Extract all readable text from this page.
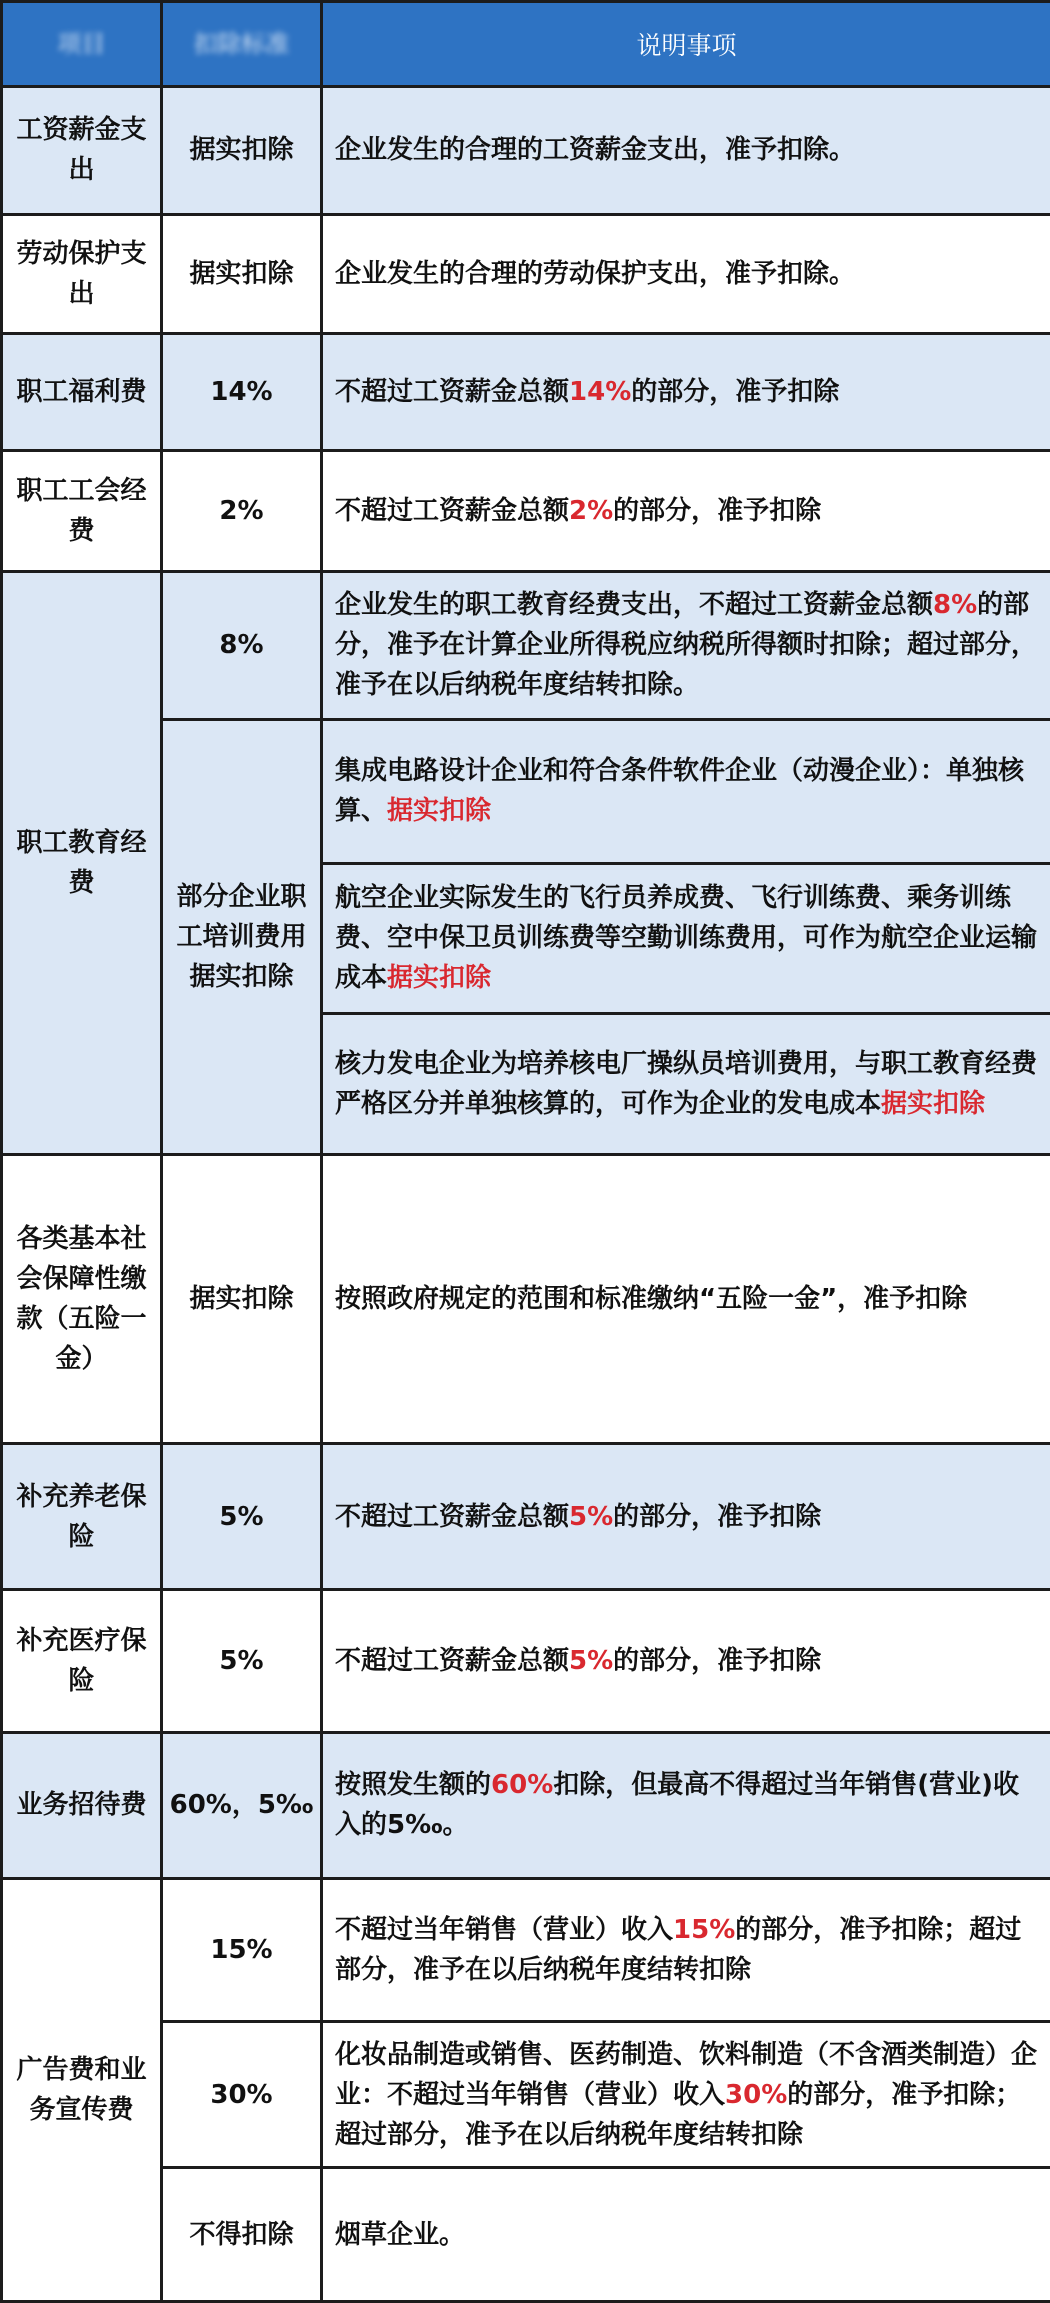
项目	扣除标准	说明事项
工资薪金支出	据实扣除	企业发生的合理的工资薪金支出，准予扣除。
劳动保护支出	据实扣除	企业发生的合理的劳动保护支出，准予扣除。
职工福利费	14%	不超过工资薪金总额14%的部分，准予扣除
职工工会经费	2%	不超过工资薪金总额2%的部分，准予扣除
职工教育经费	8%	企业发生的职工教育经费支出，不超过工资薪金总额8%的部分，准予在计算企业所得税应纳税所得额时扣除；超过部分，准予在以后纳税年度结转扣除。
	部分企业职工培训费用据实扣除	集成电路设计企业和符合条件软件企业（动漫企业）：单独核算、据实扣除
		航空企业实际发生的飞行员养成费、飞行训练费、乘务训练费、空中保卫员训练费等空勤训练费用，可作为航空企业运输成本据实扣除
		核力发电企业为培养核电厂操纵员培训费用，与职工教育经费严格区分并单独核算的，可作为企业的发电成本据实扣除
各类基本社会保障性缴款（五险一金）	据实扣除	按照政府规定的范围和标准缴纳“五险一金”，准予扣除
补充养老保险	5%	不超过工资薪金总额5%的部分，准予扣除
补充医疗保险	5%	不超过工资薪金总额5%的部分，准予扣除
业务招待费	60%，5‰	按照发生额的60%扣除，但最高不得超过当年销售(营业)收入的5‰。
广告费和业务宣传费	15%	不超过当年销售（营业）收入15%的部分，准予扣除；超过部分，准予在以后纳税年度结转扣除
	30%	化妆品制造或销售、医药制造、饮料制造（不含酒类制造）企业：不超过当年销售（营业）收入30%的部分，准予扣除；超过部分，准予在以后纳税年度结转扣除
	不得扣除	烟草企业。
